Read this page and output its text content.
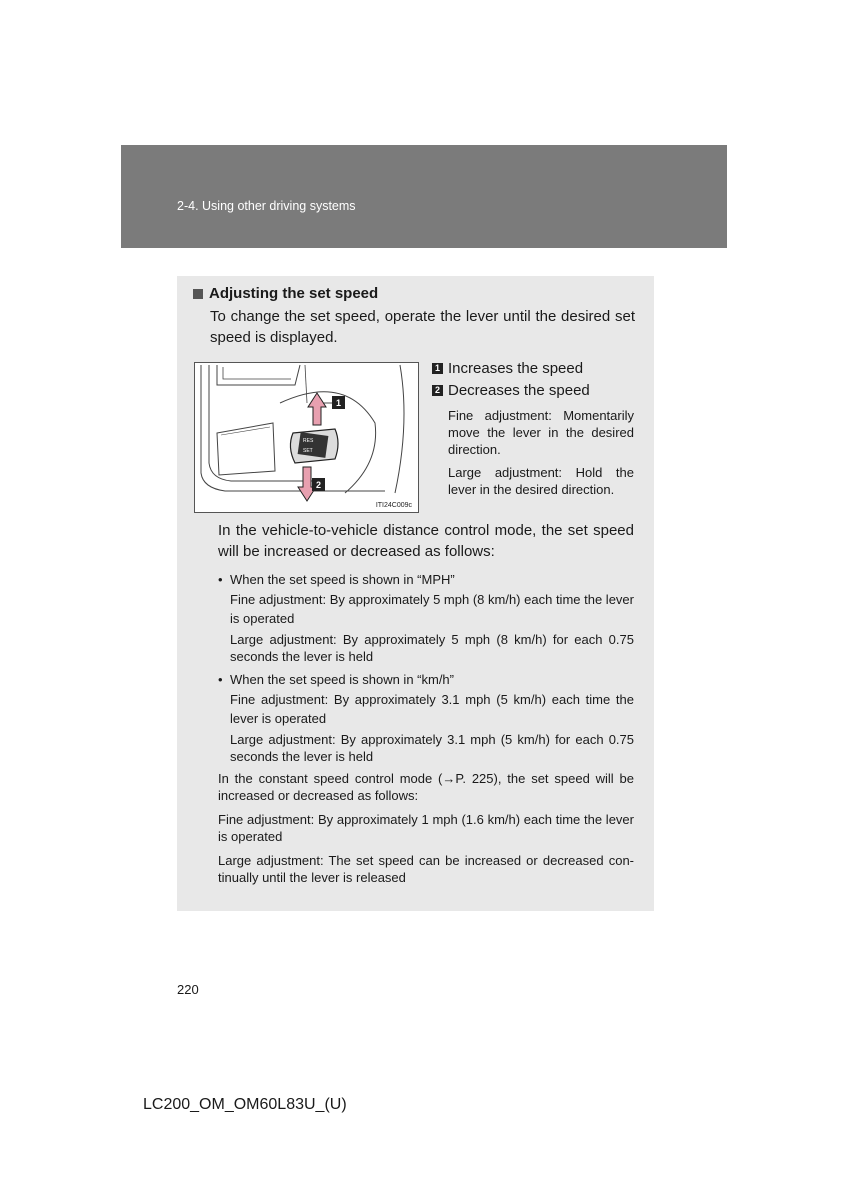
2-4. Using other driving systems
Adjusting the set speed
To change the set speed, operate the lever until the desired set speed is displayed.
RES
SET
1
2
ITI24C009c
1 Increases the speed
2 Decreases the speed
Fine adjustment: Momentarily move the lever in the desired direction.
Large adjustment: Hold the lever in the desired direction.

In the vehicle-to-vehicle distance control mode, the set speed will be increased or decreased as follows:

• When the set speed is shown in “MPH”

Fine adjustment: By approximately 5 mph (8 km/h) each time the lever is operated

Large adjustment: By approximately 5 mph (8 km/h) for each 0.75 seconds the lever is held

• When the set speed is shown in “km/h”

Fine adjustment: By approximately 3.1 mph (5 km/h) each time the lever is operated

Large adjustment: By approximately 3.1 mph (5 km/h) for each 0.75 seconds the lever is held

In the constant speed control mode (→P. 225), the set speed will be increased or decreased as follows:

Fine adjustment: By approximately 1 mph (1.6 km/h) each time the lever is operated

Large adjustment: The set speed can be increased or decreased con-tinually until the lever is released

220
LC200_OM_OM60L83U_(U)
